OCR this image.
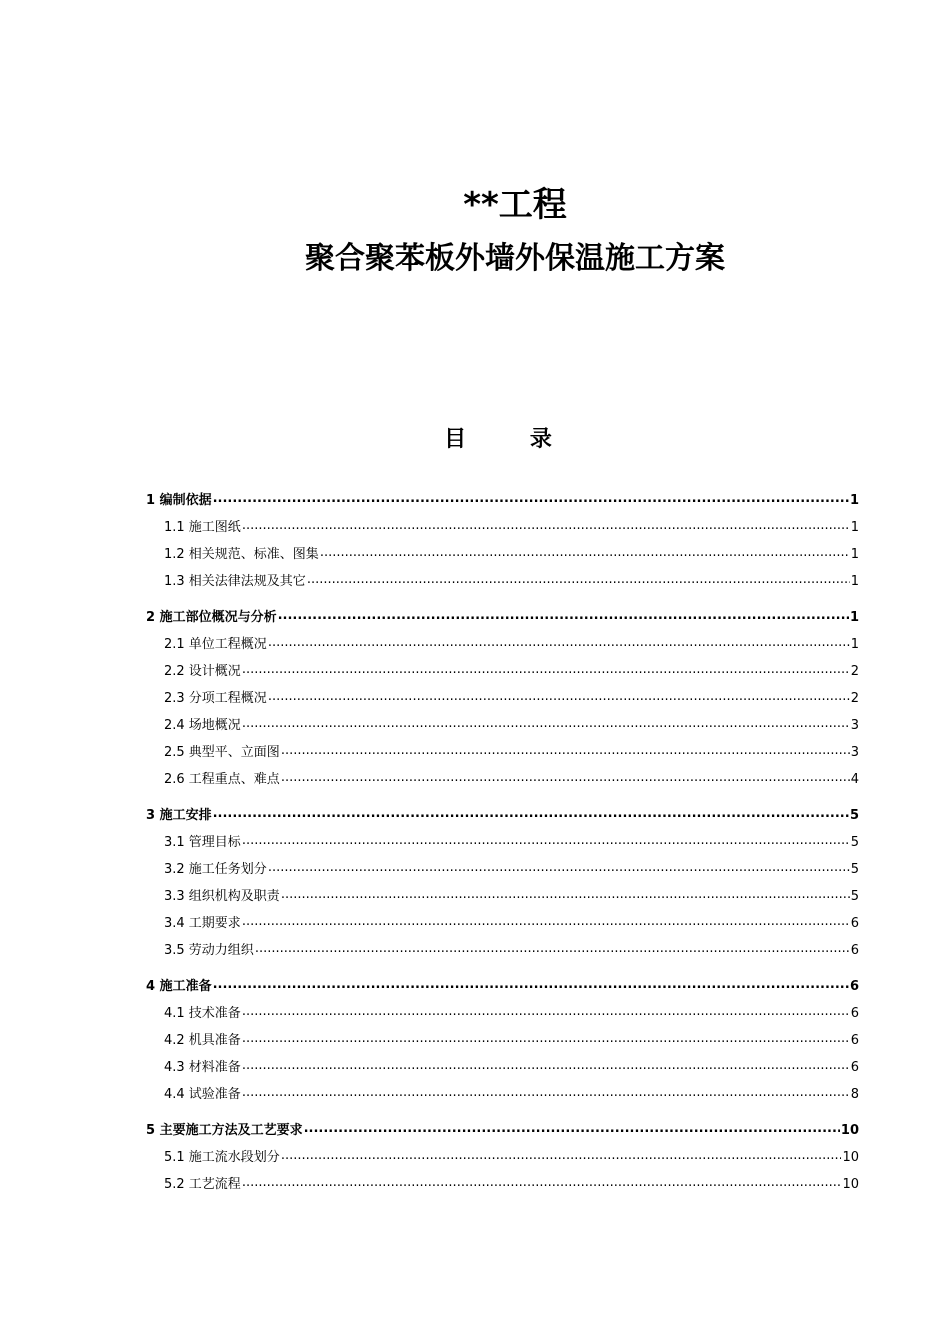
**工程
聚合聚苯板外墙外保温施工方案
目 录
1 编制依据 .....	1
1.1 施工图纸 .....	1
1.2 相关规范、标准、图集 .....	1
1.3 相关法律法规及其它 .....	1
2 施工部位概况与分析 .....	1
2.1 单位工程概况 .....	1
2.2 设计概况 .....	2
2.3 分项工程概况 .....	2
2.4 场地概况 .....	3
2.5 典型平、立面图 .....	3
2.6 工程重点、难点 .....	4
3 施工安排 .....	5
3.1 管理目标 .....	5
3.2 施工任务划分 .....	5
3.3 组织机构及职责 .....	5
3.4 工期要求 .....	6
3.5 劳动力组织 .....	6
4 施工准备 .....	6
4.1 技术准备 .....	6
4.2 机具准备 .....	6
4.3 材料准备 .....	6
4.4 试验准备 .....	8
5 主要施工方法及工艺要求 .....	10
5.1 施工流水段划分 .....	10
5.2 工艺流程 .....	10
